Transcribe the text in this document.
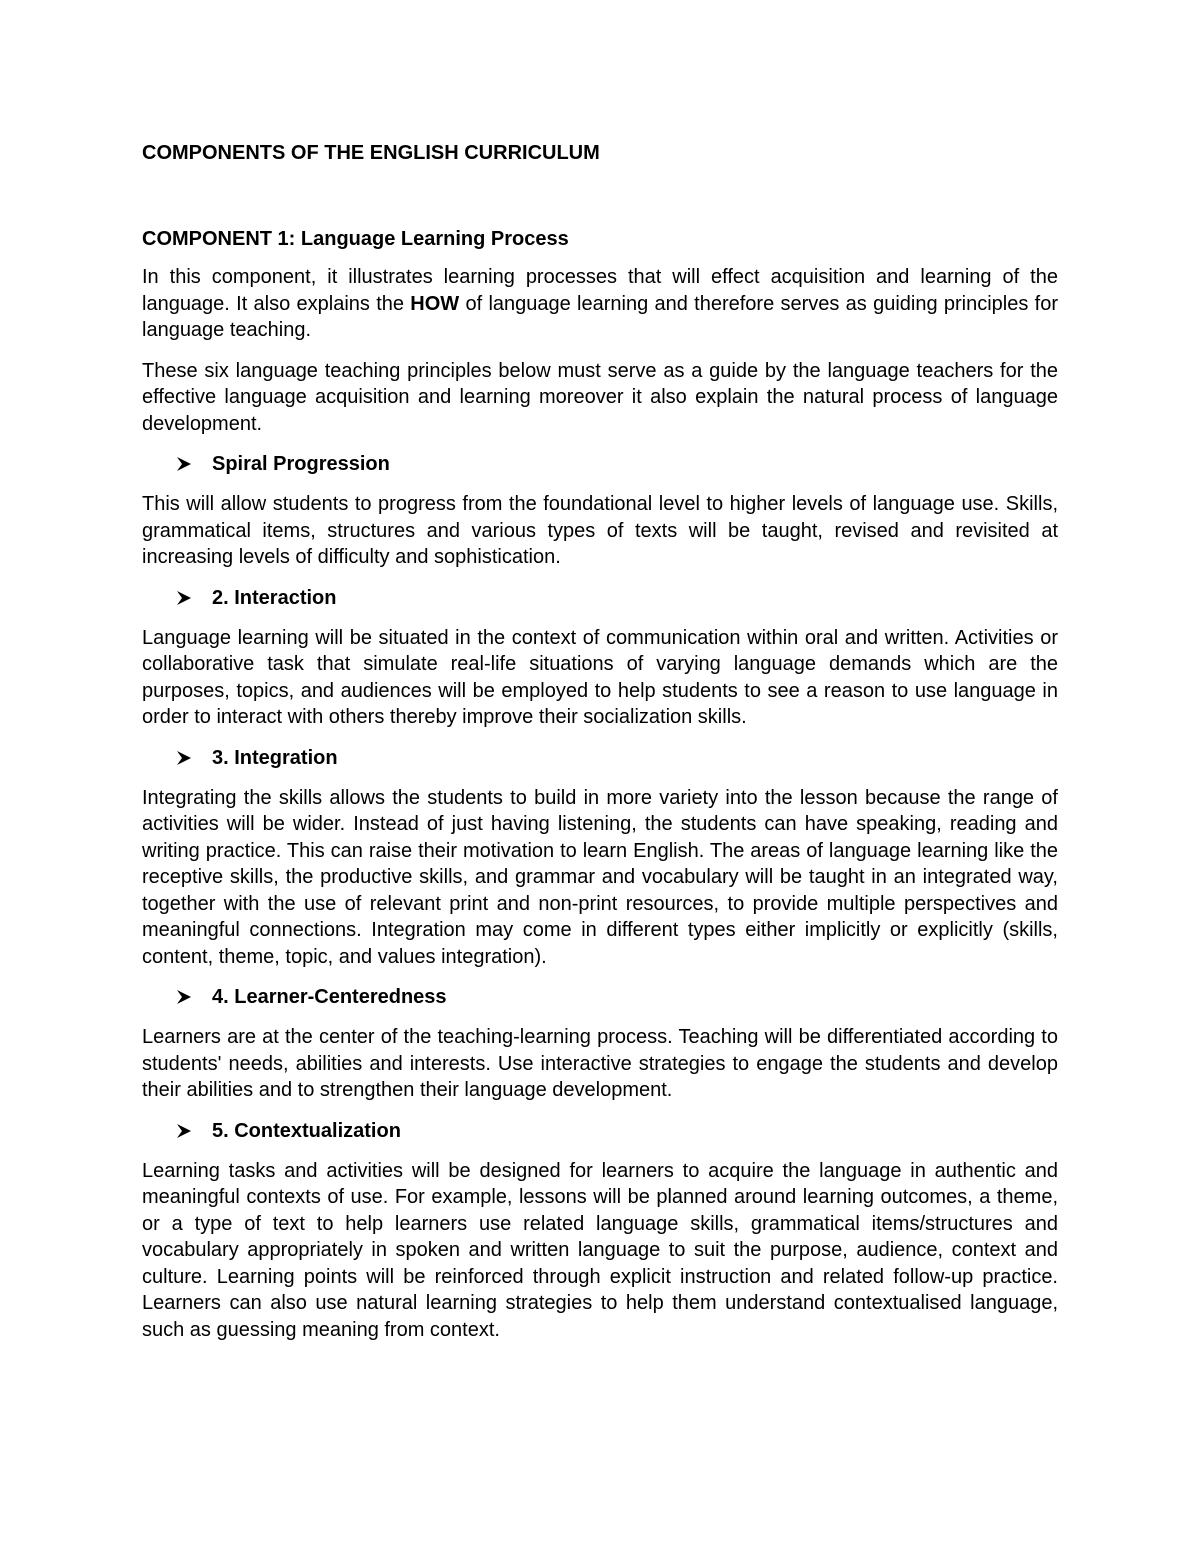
COMPONENTS OF THE ENGLISH CURRICULUM
COMPONENT 1: Language Learning Process

In this component, it illustrates learning processes that will effect acquisition and learning of the language. It also explains the HOW of language learning and therefore serves as guiding principles for language teaching.

These six language teaching principles below must serve as a guide by the language teachers for the effective language acquisition and learning moreover it also explain the natural process of language development.

Spiral Progression

This will allow students to progress from the foundational level to higher levels of language use. Skills, grammatical items, structures and various types of texts will be taught, revised and revisited at increasing levels of difficulty and sophistication.

2. Interaction

Language learning will be situated in the context of communication within oral and written. Activities or collaborative task that simulate real-life situations of varying language demands which are the purposes, topics, and audiences will be employed to help students to see a reason to use language in order to interact with others thereby improve their socialization skills.

3. Integration

Integrating the skills allows the students to build in more variety into the lesson because the range of activities will be wider. Instead of just having listening, the students can have speaking, reading and writing practice. This can raise their motivation to learn English. The areas of language learning like the receptive skills, the productive skills, and grammar and vocabulary will be taught in an integrated way, together with the use of relevant print and non-print resources, to provide multiple perspectives and meaningful connections. Integration may come in different types either implicitly or explicitly (skills, content, theme, topic, and values integration).

4. Learner-Centeredness

Learners are at the center of the teaching-learning process. Teaching will be differentiated according to students' needs, abilities and interests. Use interactive strategies to engage the students and develop their abilities and to strengthen their language development.

5. Contextualization

Learning tasks and activities will be designed for learners to acquire the language in authentic and meaningful contexts of use. For example, lessons will be planned around learning outcomes, a theme, or a type of text to help learners use related language skills, grammatical items/structures and vocabulary appropriately in spoken and written language to suit the purpose, audience, context and culture. Learning points will be reinforced through explicit instruction and related follow-up practice. Learners can also use natural learning strategies to help them understand contextualised language, such as guessing meaning from context.
